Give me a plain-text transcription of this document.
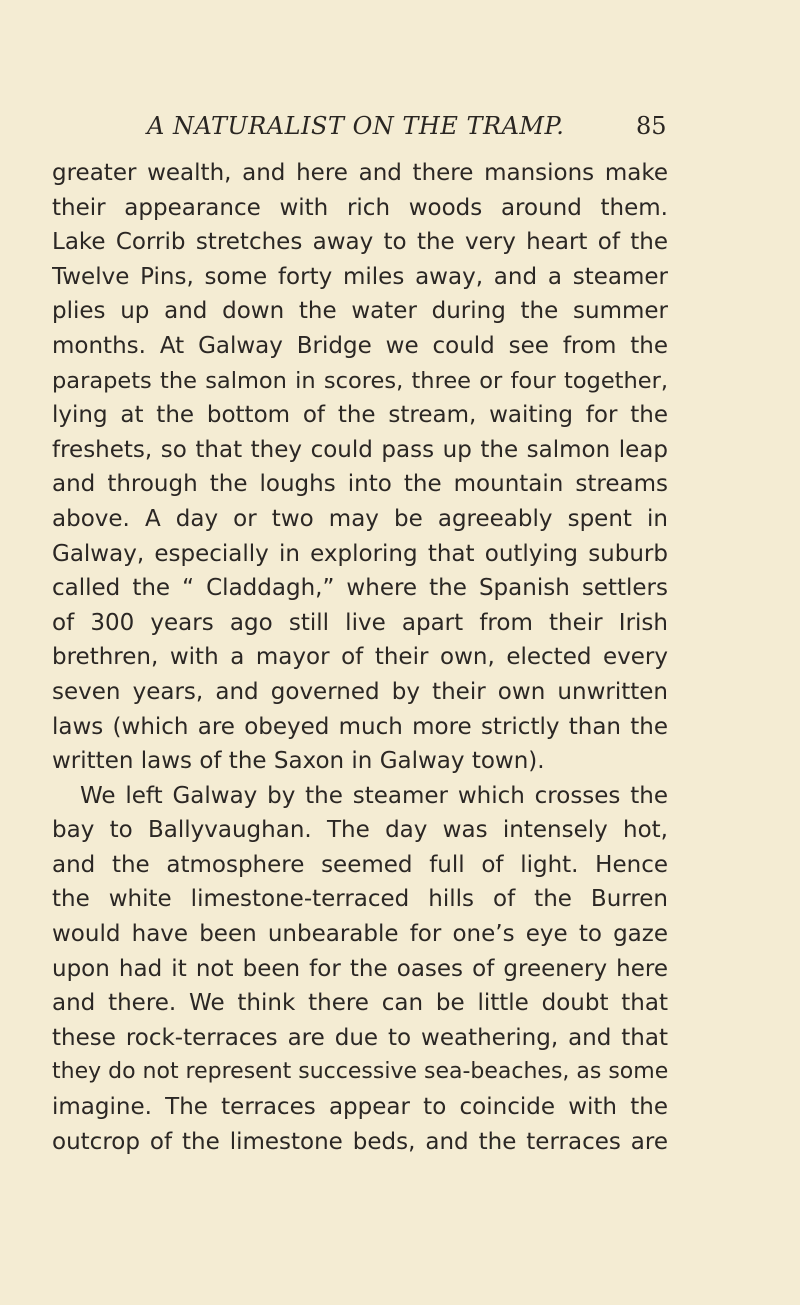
A NATURALIST ON THE TRAMP.	85
greater wealth, and here and there mansions make
their appearance with rich woods around them.
Lake Corrib stretches away to the very heart of the
Twelve Pins, some forty miles away, and a steamer
plies up and down the water during the summer
months. At Galway Bridge we could see from the
parapets the salmon in scores, three or four together,
lying at the bottom of the stream, waiting for the
freshets, so that they could pass up the salmon leap
and through the loughs into the mountain streams
above. A day or two may be agreeably spent in
Galway, especially in exploring that outlying suburb
called the “ Claddagh,” where the Spanish settlers
of 300 years ago still live apart from their Irish
brethren, with a mayor of their own, elected every
seven years, and governed by their own unwritten
laws (which are obeyed much more strictly than the
written laws of the Saxon in Galway town).
We left Galway by the steamer which crosses the
bay to Ballyvaughan. The day was intensely hot,
and the atmosphere seemed full of light. Hence
the white limestone-terraced hills of the Burren
would have been unbearable for one’s eye to gaze
upon had it not been for the oases of greenery here
and there. We think there can be little doubt that
these rock-terraces are due to weathering, and that
they do not represent successive sea-beaches, as some
imagine. The terraces appear to coincide with the
outcrop of the limestone beds, and the terraces are
